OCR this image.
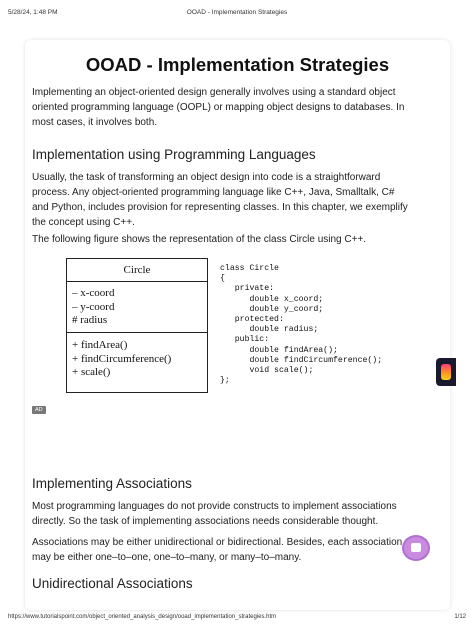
5/28/24, 1:48 PM	OOAD - Implementation Strategies
OOAD - Implementation Strategies

Implementing an object-oriented design generally involves using a standard object oriented programming language (OOPL) or mapping object designs to databases. In most cases, it involves both.

Implementation using Programming Languages

Usually, the task of transforming an object design into code is a straightforward process. Any object-oriented programming language like C++, Java, Smalltalk, C# and Python, includes provision for representing classes. In this chapter, we exemplify the concept using C++.

The following figure shows the representation of the class Circle using C++.

Circle
– x-coord
– y-coord
# radius
+ findArea()
+ findCircumference()
+ scale()
class Circle
{
private:
double x_coord;
double y_coord;
protected:
double radius;
public:
double findArea();
double findCircumference();
void scale();
};
AD
Implementing Associations

Most programming languages do not provide constructs to implement associations directly. So the task of implementing associations needs considerable thought.

Associations may be either unidirectional or bidirectional. Besides, each association may be either one–to–one, one–to–many, or many–to–many.

Unidirectional Associations
https://www.tutorialspoint.com/object_oriented_analysis_design/ooad_implementation_strategies.htm	1/12
